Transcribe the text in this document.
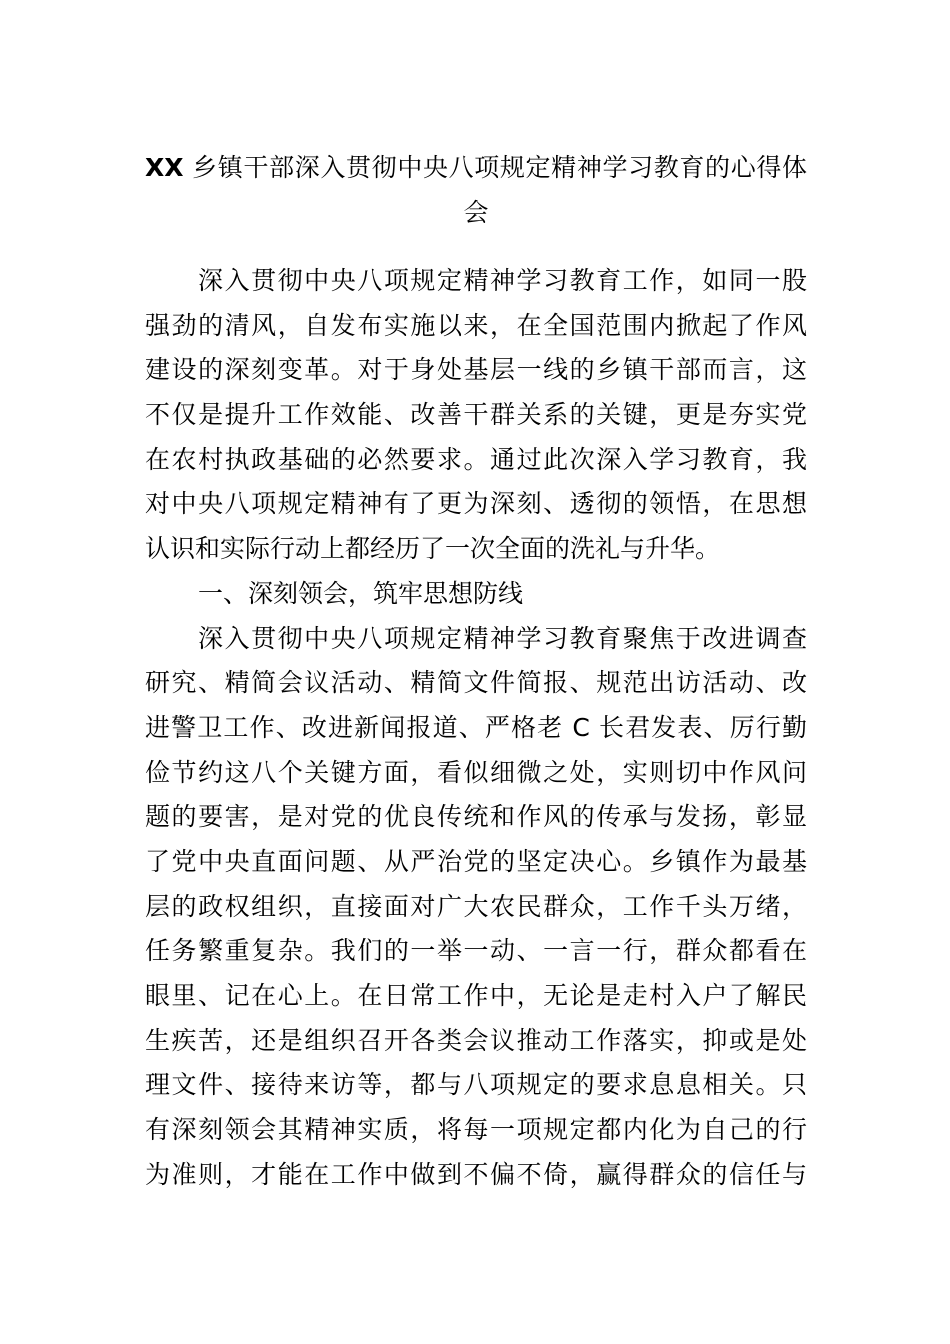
XX 乡镇干部深入贯彻中央八项规定精神学习教育的心得体
会
深入贯彻中央八项规定精神学习教育工作，如同一股
强劲的清风，自发布实施以来，在全国范围内掀起了作风
建设的深刻变革。对于身处基层一线的乡镇干部而言，这
不仅是提升工作效能、改善干群关系的关键，更是夯实党
在农村执政基础的必然要求。通过此次深入学习教育，我
对中央八项规定精神有了更为深刻、透彻的领悟，在思想
认识和实际行动上都经历了一次全面的洗礼与升华。
一、深刻领会，筑牢思想防线
深入贯彻中央八项规定精神学习教育聚焦于改进调查
研究、精简会议活动、精简文件简报、规范出访活动、改
进警卫工作、改进新闻报道、严格老 C 长君发表、厉行勤
俭节约这八个关键方面，看似细微之处，实则切中作风问
题的要害，是对党的优良传统和作风的传承与发扬，彰显
了党中央直面问题、从严治党的坚定决心。乡镇作为最基
层的政权组织，直接面对广大农民群众，工作千头万绪，
任务繁重复杂。我们的一举一动、一言一行，群众都看在
眼里、记在心上。在日常工作中，无论是走村入户了解民
生疾苦，还是组织召开各类会议推动工作落实，抑或是处
理文件、接待来访等，都与八项规定的要求息息相关。只
有深刻领会其精神实质，将每一项规定都内化为自己的行
为准则，才能在工作中做到不偏不倚，赢得群众的信任与
